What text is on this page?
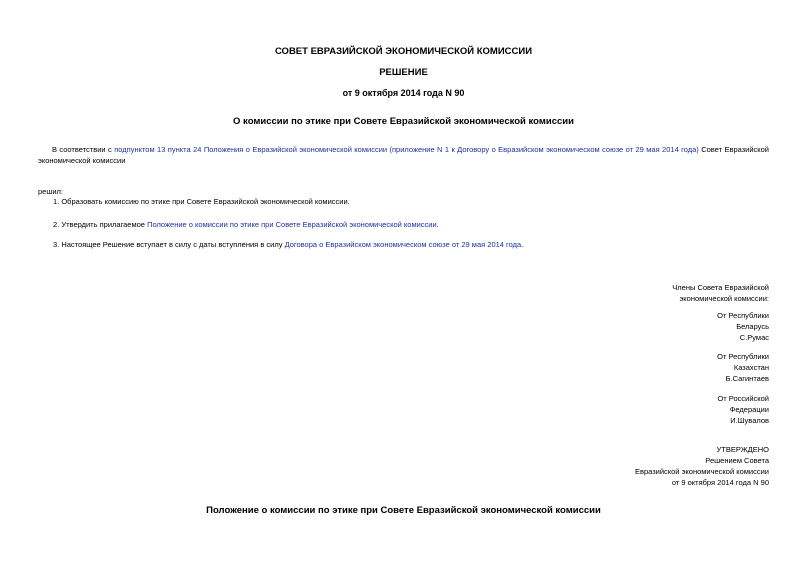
СОВЕТ ЕВРАЗИЙСКОЙ ЭКОНОМИЧЕСКОЙ КОМИССИИ
РЕШЕНИЕ
от 9 октября 2014 года N 90
О комиссии по этике при Совете Евразийской экономической комиссии
В соответствии с подпунктом 13 пункта 24 Положения о Евразийской экономической комиссии (приложение N 1 к Договору о Евразийском экономическом союзе от 29 мая 2014 года) Совет Евразийской экономической комиссии
решил:
1. Образовать комиссию по этике при Совете Евразийской экономической комиссии.
2. Утвердить прилагаемое Положение о комиссии по этике при Совете Евразийской экономической комиссии.
3. Настоящее Решение вступает в силу с даты вступления в силу Договора о Евразийском экономическом союзе от 29 мая 2014 года.
Члены Совета Евразийской
экономической комиссии:
От Республики
Беларусь
С.Румас
От Республики
Казахстан
Б.Сагинтаев
От Российской
Федерации
И.Шувалов
УТВЕРЖДЕНО
Решением Совета
Евразийской экономической комиссии
от 9 октября 2014 года N 90
Положение о комиссии по этике при Совете Евразийской экономической комиссии
